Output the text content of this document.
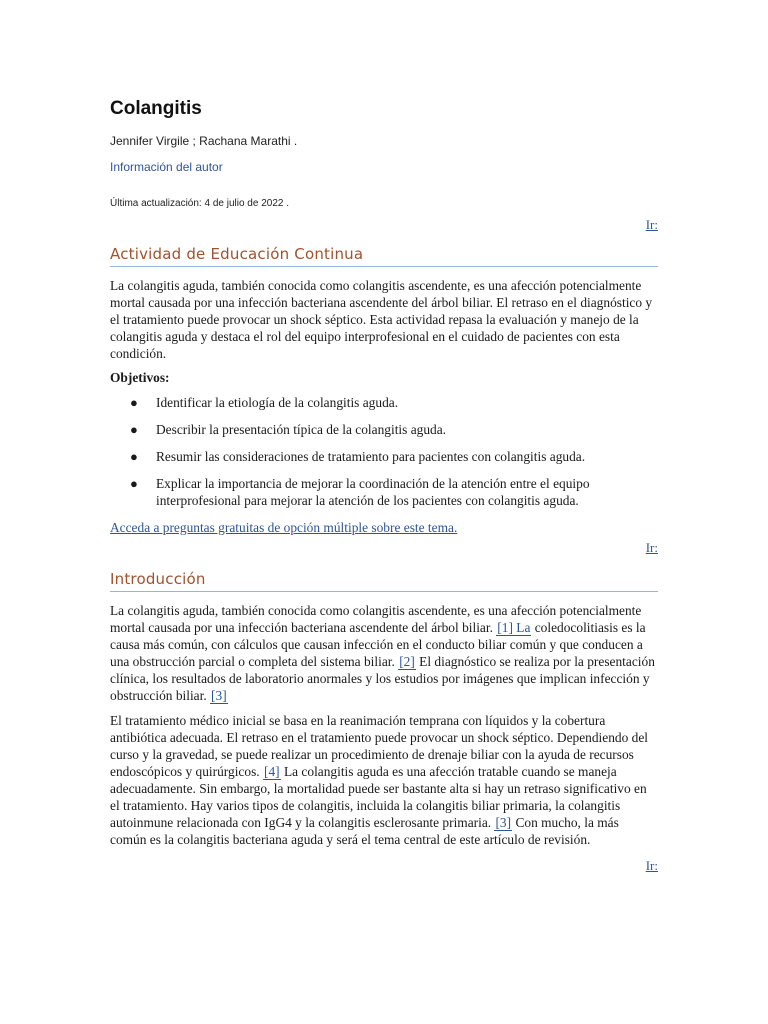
Colangitis
Jennifer Virgile ; Rachana Marathi .
Información del autor
Última actualización: 4 de julio de 2022 .
Ir:
Actividad de Educación Continua

La colangitis aguda, también conocida como colangitis ascendente, es una afección potencialmente mortal causada por una infección bacteriana ascendente del árbol biliar. El retraso en el diagnóstico y el tratamiento puede provocar un shock séptico. Esta actividad repasa la evaluación y manejo de la colangitis aguda y destaca el rol del equipo interprofesional en el cuidado de pacientes con esta condición.

Objetivos:
● Identificar la etiología de la colangitis aguda.
● Describir la presentación típica de la colangitis aguda.
● Resumir las consideraciones de tratamiento para pacientes con colangitis aguda.
● Explicar la importancia de mejorar la coordinación de la atención entre el equipo interprofesional para mejorar la atención de los pacientes con colangitis aguda.

Acceda a preguntas gratuitas de opción múltiple sobre este tema.

Ir:
Introducción

La colangitis aguda, también conocida como colangitis ascendente, es una afección potencialmente mortal causada por una infección bacteriana ascendente del árbol biliar. [1] La coledocolitiasis es la causa más común, con cálculos que causan infección en el conducto biliar común y que conducen a una obstrucción parcial o completa del sistema biliar. [2] El diagnóstico se realiza por la presentación clínica, los resultados de laboratorio anormales y los estudios por imágenes que implican infección y obstrucción biliar. [3]

El tratamiento médico inicial se basa en la reanimación temprana con líquidos y la cobertura antibiótica adecuada. El retraso en el tratamiento puede provocar un shock séptico. Dependiendo del curso y la gravedad, se puede realizar un procedimiento de drenaje biliar con la ayuda de recursos endoscópicos y quirúrgicos. [4] La colangitis aguda es una afección tratable cuando se maneja adecuadamente. Sin embargo, la mortalidad puede ser bastante alta si hay un retraso significativo en el tratamiento. Hay varios tipos de colangitis, incluida la colangitis biliar primaria, la colangitis autoinmune relacionada con IgG4 y la colangitis esclerosante primaria. [3] Con mucho, la más común es la colangitis bacteriana aguda y será el tema central de este artículo de revisión.

Ir:
